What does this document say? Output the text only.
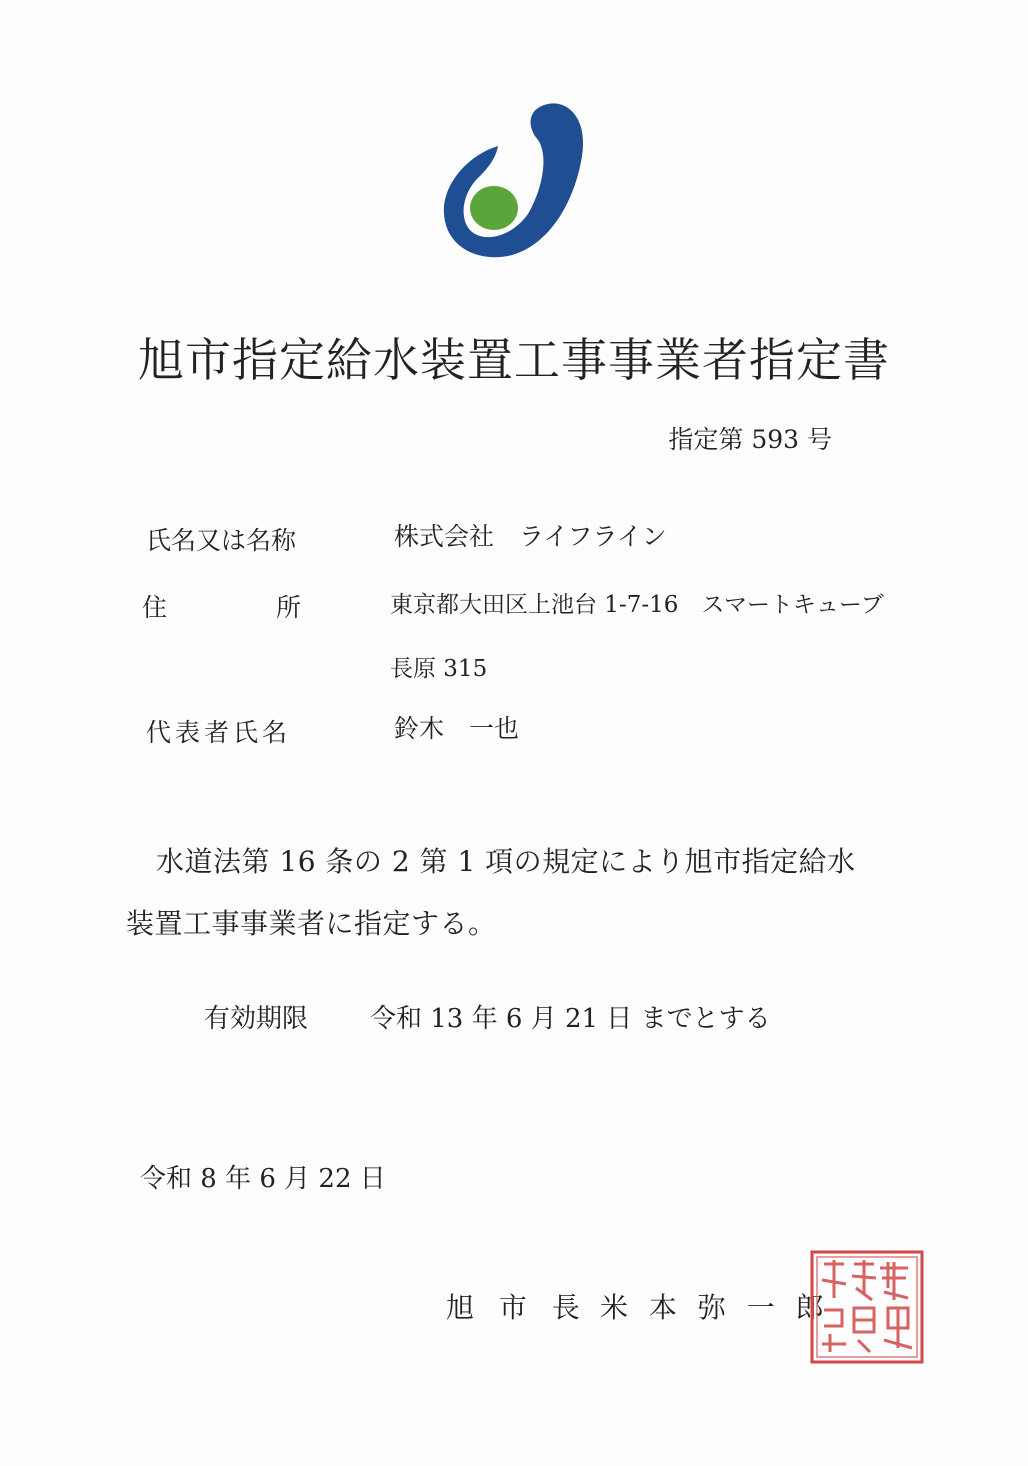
旭市指定給水装置工事事業者指定書
指定第 593 号
氏名又は名称	株式会社　ライフライン
住	所	東京都大田区上池台 1-7-16　スマートキューブ
長原 315
代表者氏名	鈴木　一也
水道法第 16 条の 2 第 1 項の規定により旭市指定給水
装置工事事業者に指定する。
有効期限 令和 13 年 6 月 21 日 までとする
令和 8 年 6 月 22 日
旭 市 長 米 本 弥 一 郎
